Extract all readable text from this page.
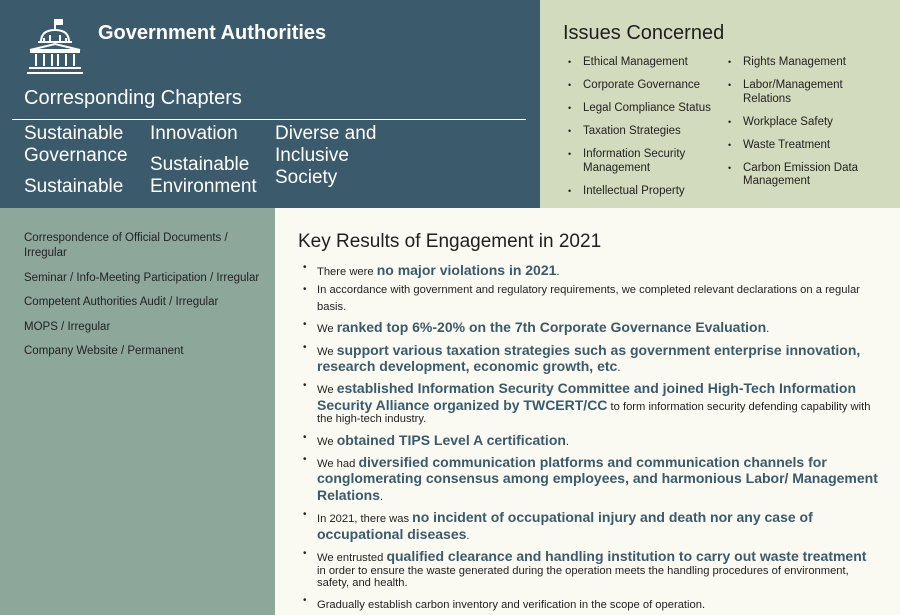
Government Authorities
Corresponding Chapters
Sustainable Governance
Sustainable
Innovation
Sustainable Environment
Diverse and Inclusive Society
Issues Concerned
• Ethical Management
• Corporate Governance
• Legal Compliance Status
• Taxation Strategies
• Information Security Management
• Intellectual Property
• Rights Management
• Labor/Management Relations
• Workplace Safety
• Waste Treatment
• Carbon Emission Data Management
Correspondence of Official Documents / Irregular
Seminar / Info-Meeting Participation / Irregular
Competent Authorities Audit / Irregular
MOPS / Irregular
Company Website / Permanent
Key Results of Engagement in 2021
• There were no major violations in 2021.
• In accordance with government and regulatory requirements, we completed relevant declarations on a regular basis.
• We ranked top 6%-20% on the 7th Corporate Governance Evaluation.
• We support various taxation strategies such as government enterprise innovation, research development, economic growth, etc.
• We established Information Security Committee and joined High-Tech Information Security Alliance organized by TWCERT/CC to form information security defending capability with the high-tech industry.
• We obtained TIPS Level A certification.
• We had diversified communication platforms and communication channels for conglomerating consensus among employees, and harmonious Labor/ Management Relations.
• In 2021, there was no incident of occupational injury and death nor any case of occupational diseases.
• We entrusted qualified clearance and handling institution to carry out waste treatment in order to ensure the waste generated during the operation meets the handling procedures of environment, safety, and health.
• Gradually establish carbon inventory and verification in the scope of operation.
